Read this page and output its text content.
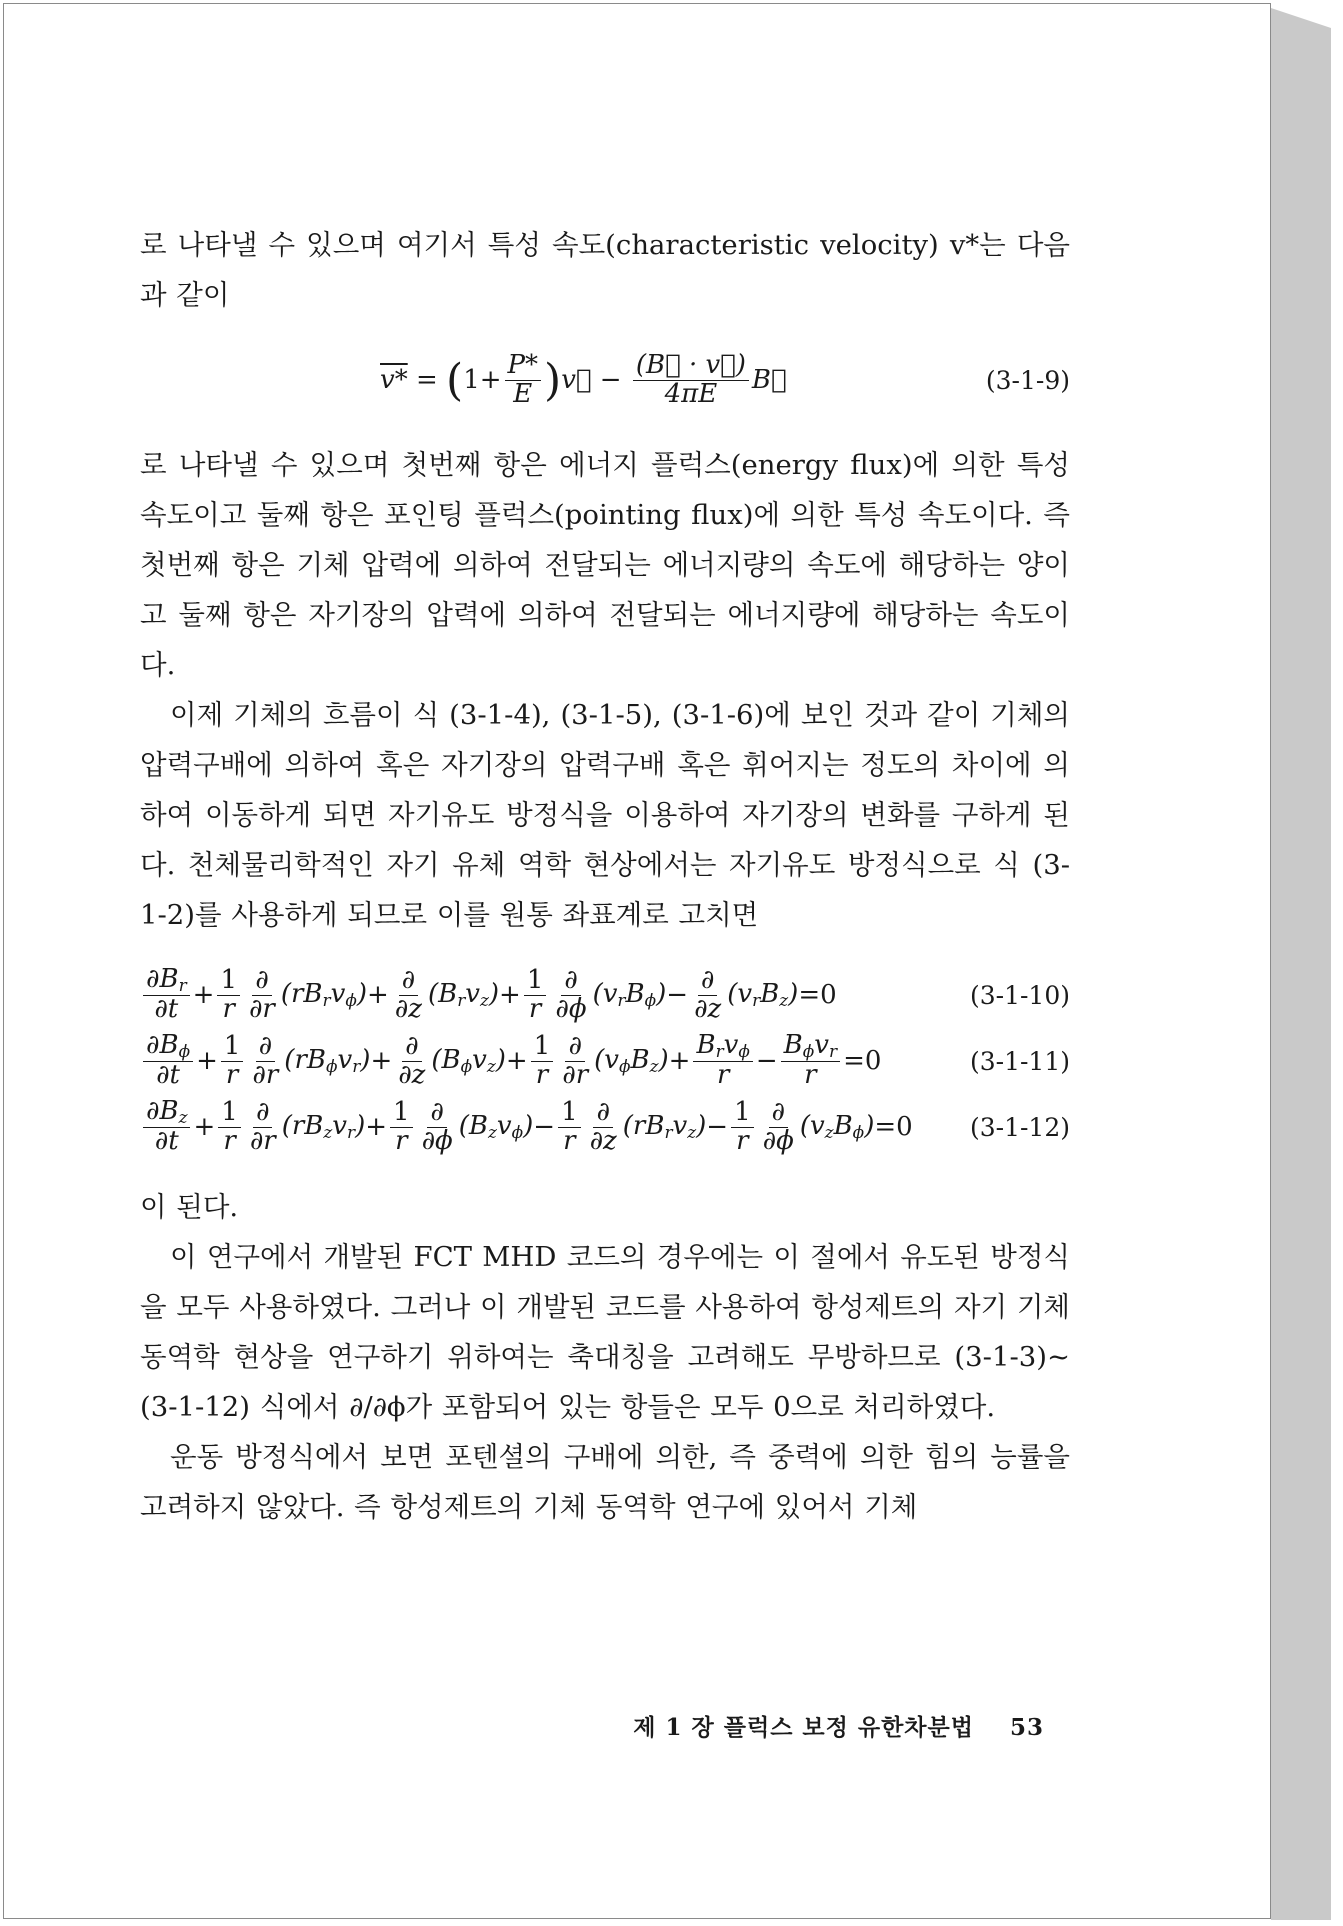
로 나타낼 수 있으며 여기서 특성 속도(characteristic velocity) v*는 다음과 같이

v* = ( $1+ \frac{P*}{E}$ ) v⃗ − $\frac{(B⃗ \cdot v⃗)}{4\pi E}$ B⃗	(3-1-9)

로 나타낼 수 있으며 첫번째 항은 에너지 플럭스(energy flux)에 의한 특성 속도이고 둘째 항은 포인팅 플럭스(pointing flux)에 의한 특성 속도이다. 즉 첫번째 항은 기체 압력에 의하여 전달되는 에너지량의 속도에 해당하는 양이고 둘째 항은 자기장의 압력에 의하여 전달되는 에너지량에 해당하는 속도이다.

이제 기체의 흐름이 식 (3-1-4), (3-1-5), (3-1-6)에 보인 것과 같이 기체의 압력구배에 의하여 혹은 자기장의 압력구배 혹은 휘어지는 정도의 차이에 의하여 이동하게 되면 자기유도 방정식을 이용하여 자기장의 변화를 구하게 된다. 천체물리학적인 자기 유체 역학 현상에서는 자기유도 방정식으로 식 (3-1-2)를 사용하게 되므로 이를 원통 좌표계로 고치면

$\frac{\partial B_r}{\partial t} + \frac{1}{r} \frac{\partial}{\partial r} (rB_rv_\phi) + \frac{\partial}{\partial z} (B_rv_z) + \frac{1}{r} \frac{\partial}{\partial\phi} (v_rB_\phi) - \frac{\partial}{\partial z} (v_rB_z) =0$	(3-1-10)
$\frac{\partial B_\phi}{\partial t} + \frac{1}{r} \frac{\partial}{\partial r} (rB_\phi v_r) + \frac{\partial}{\partial z} (B_\phi v_z) + \frac{1}{r} \frac{\partial}{\partial r} (v_\phi B_z) + \frac{B_rv_\phi}{r} - \frac{B_\phi v_r}{r} =0$	(3-1-11)
$\frac{\partial B_z}{\partial t} + \frac{1}{r} \frac{\partial}{\partial r} (rB_zv_r) + \frac{1}{r} \frac{\partial}{\partial\phi} (B_zv_\phi) - \frac{1}{r} \frac{\partial}{\partial z} (rB_rv_z) - \frac{1}{r} \frac{\partial}{\partial\phi} (v_zB_\phi) =0$ (3-1-12)

이 된다.

이 연구에서 개발된 FCT MHD 코드의 경우에는 이 절에서 유도된 방정식을 모두 사용하였다. 그러나 이 개발된 코드를 사용하여 항성제트의 자기 기체 동역학 현상을 연구하기 위하여는 축대칭을 고려해도 무방하므로 (3-1-3)~(3-1-12) 식에서 ∂/∂ϕ가 포함되어 있는 항들은 모두 0으로 처리하였다.

운동 방정식에서 보면 포텐셜의 구배에 의한, 즉 중력에 의한 힘의 능률을 고려하지 않았다. 즉 항성제트의 기체 동역학 연구에 있어서 기체

제 1 장 플럭스 보정 유한차분법 53
